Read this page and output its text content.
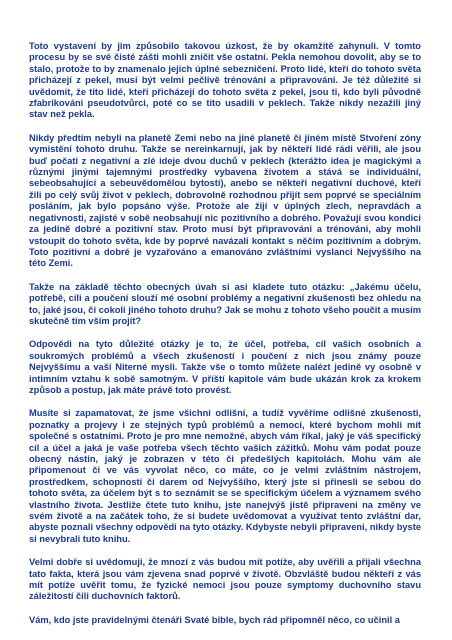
Toto vystavení by jim způsobilo takovou úzkost, že by okamžitě zahynuli. V tomto procesu by se své čisté zášti mohli zničit vše ostatní. Pekla nemohou dovolit, aby se to stalo, protože to by znamenalo jejich úplné sebezničení. Proto lidé, kteří do tohoto světa přicházejí z pekel, musí být velmi pečlivě trénováni a připravováni. Je též důležité si uvědomit, že tito lidé, kteří přicházejí do tohoto světa z pekel, jsou ti, kdo byli původně zfabrikováni pseudotvůrci, poté co se tito usadili v peklech. Takže nikdy nezažili jiný stav než pekla.

Nikdy předtím nebyli na planetě Zemi nebo na jiné planetě či jiném místě Stvoření zóny vymistění tohoto druhu. Takže se nereinkarnují, jak by někteří lidé rádi věřili, ale jsou buď počati z negativní a zlé ideje dvou duchů v peklech (kterážto idea je magickými a různými jinými tajemnými prostředky vybavena životem a stává se individuální, sebeobsahující a sebeuvědomělou bytostí), anebo se někteří negativní duchové, kteří žili po celý svůj život v peklech, dobrovolně rozhodnou přijít sem poprvé se speciálním posláním, jak bylo popsáno výše. Protože ale žijí v úplných zlech, nepravdách a negativnosti, zajisté v sobě neobsahují nic pozitivního a dobrého. Považují svou kondici za jedině dobré a pozitivní stav. Proto musí být připravováni a trénováni, aby mohli vstoupit do tohoto světa, kde by poprvé navázali kontakt s něčím pozitivním a dobrým. Toto pozitivní a dobré je vyzařováno a emanováno zvláštními vyslanci Nejvyššího na této Zemi.

Takže na základě těchto obecných úvah si asi kladete tuto otázku: „Jakému účelu, potřebě, cíli a poučení slouží mé osobní problémy a negativní zkušenosti bez ohledu na to, jaké jsou, či cokoli jiného tohoto druhu? Jak se mohu z tohoto všeho poučit a musím skutečně tím vším projít?

Odpovědi na tyto důležité otázky je to, že účel, potřeba, cíl vašich osobních a soukromých problémů a všech zkušeností i poučení z nich jsou známy pouze Nejvyššímu a vaší Niterné mysli. Takže vše o tomto můžete nalézt jedině vy osobně v intimním vztahu k sobě samotným. V příští kapitole vám bude ukázán krok za krokem způsob a postup, jak máte právě toto provést.

Musíte si zapamatovat, že jsme všichni odlišní, a tudíž vyvěříme odlišné zkušenosti, poznatky a projevy i ze stejných typů problémů a nemocí, které bychom mohli mít společné s ostatními. Proto je pro mne nemožné, abych vám říkal, jaký je váš specifický cíl a účel a jaká je vaše potřeba všech těchto vašich zážitků. Mohu vám podat pouze obecný nástin, jaký je zobrazen v této či předešlých kapitolách. Mohu vám ale připomenout či ve vás vyvolat něco, co máte, co je velmi zvláštním nástrojem, prostředkem, schopností či darem od Nejvyššího, který jste si přinesli se sebou do tohoto světa, za účelem být s to seznámit se se specifickým účelem a významem svého vlastního života. Jestliže čtete tuto knihu, jste nanejvýš jistě připraveni na změny ve svém životě a na začátek toho, že si budete uvědomovat a využívat tento zvláštní dar, abyste poznali všechny odpovědi na tyto otázky. Kdybyste nebyli připraveni, nikdy byste si nevybrali tuto knihu.

Velmi dobře si uvědomuji, že mnozí z vás budou mít potíže, aby uvěřili a přijali všechna tato fakta, která jsou vám zjevena snad poprvé v životě. Obzvláště budou někteří z vás mít potíže uvěřit tomu, že fyzické nemoci jsou pouze symptomy duchovního stavu záležitostí čili duchovních faktorů.

Vám, kdo jste pravidelnými čtenáři Svaté bible, bych rád připomněl něco, co učinil a
